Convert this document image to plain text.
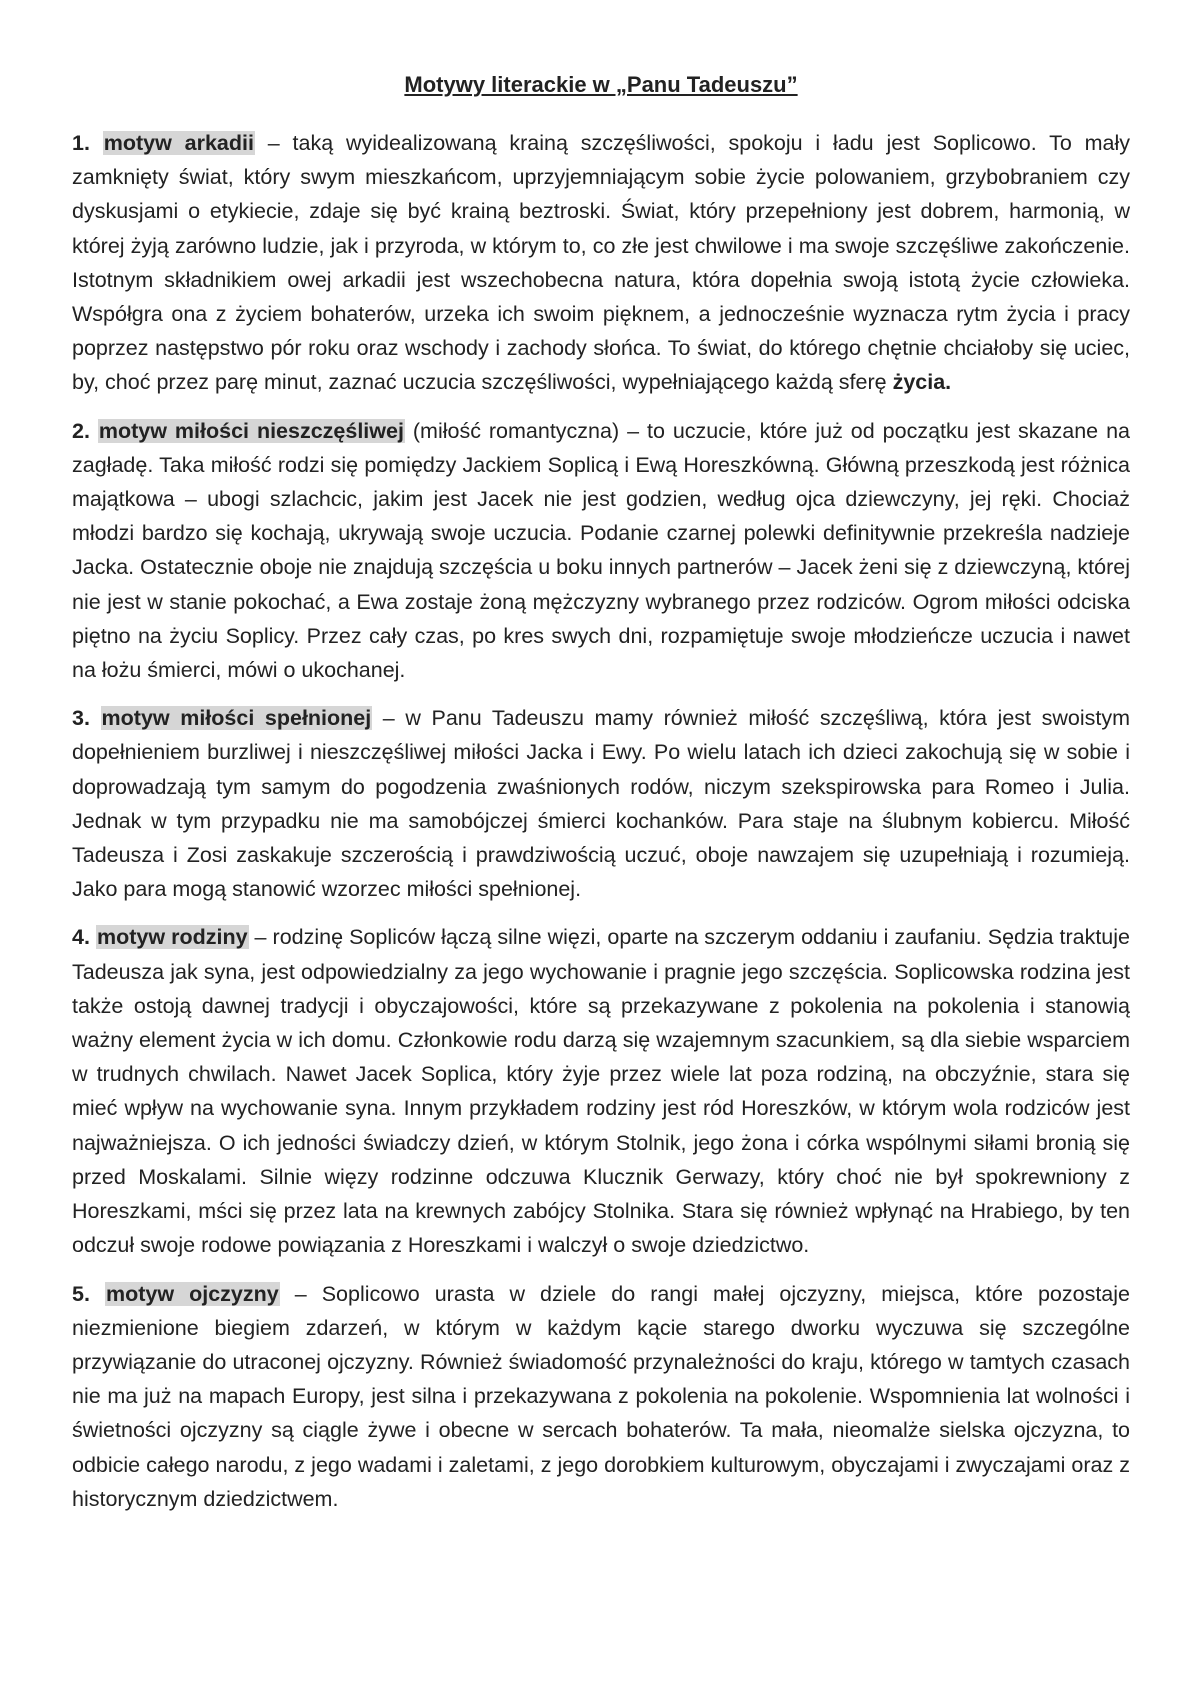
Motywy literackie w „Panu Tadeuszu”

1. motyw arkadii – taką wyidealizowaną krainą szczęśliwości, spokoju i ładu jest Soplicowo. To mały zamknięty świat, który swym mieszkańcom, uprzyjemniającym sobie życie polowaniem, grzybobraniem czy dyskusjami o etykiecie, zdaje się być krainą beztroski. Świat, który przepełniony jest dobrem, harmonią, w której żyją zarówno ludzie, jak i przyroda, w którym to, co złe jest chwilowe i ma swoje szczęśliwe zakończenie. Istotnym składnikiem owej arkadii jest wszechobecna natura, która dopełnia swoją istotą życie człowieka. Współgra ona z życiem bohaterów, urzeka ich swoim pięknem, a jednocześnie wyznacza rytm życia i pracy poprzez następstwo pór roku oraz wschody i zachody słońca. To świat, do którego chętnie chciałoby się uciec, by, choć przez parę minut, zaznać uczucia szczęśliwości, wypełniającego każdą sferę życia.

2. motyw miłości nieszczęśliwej (miłość romantyczna) – to uczucie, które już od początku jest skazane na zagładę. Taka miłość rodzi się pomiędzy Jackiem Soplicą i Ewą Horeszkówną. Główną przeszkodą jest różnica majątkowa – ubogi szlachcic, jakim jest Jacek nie jest godzien, według ojca dziewczyny, jej ręki. Chociaż młodzi bardzo się kochają, ukrywają swoje uczucia. Podanie czarnej polewki definitywnie przekreśla nadzieje Jacka. Ostatecznie oboje nie znajdują szczęścia u boku innych partnerów – Jacek żeni się z dziewczyną, której nie jest w stanie pokochać, a Ewa zostaje żoną mężczyzny wybranego przez rodziców. Ogrom miłości odciska piętno na życiu Soplicy. Przez cały czas, po kres swych dni, rozpamiętuje swoje młodzieńcze uczucia i nawet na łożu śmierci, mówi o ukochanej.

3. motyw miłości spełnionej – w Panu Tadeuszu mamy również miłość szczęśliwą, która jest swoistym dopełnieniem burzliwej i nieszczęśliwej miłości Jacka i Ewy. Po wielu latach ich dzieci zakochują się w sobie i doprowadzają tym samym do pogodzenia zwaśnionych rodów, niczym szekspirowska para Romeo i Julia. Jednak w tym przypadku nie ma samobójczej śmierci kochanków. Para staje na ślubnym kobiercu. Miłość Tadeusza i Zosi zaskakuje szczerością i prawdziwością uczuć, oboje nawzajem się uzupełniają i rozumieją. Jako para mogą stanowić wzorzec miłości spełnionej.

4. motyw rodziny – rodzinę Sopliców łączą silne więzi, oparte na szczerym oddaniu i zaufaniu. Sędzia traktuje Tadeusza jak syna, jest odpowiedzialny za jego wychowanie i pragnie jego szczęścia. Soplicowska rodzina jest także ostoją dawnej tradycji i obyczajowości, które są przekazywane z pokolenia na pokolenia i stanowią ważny element życia w ich domu. Członkowie rodu darzą się wzajemnym szacunkiem, są dla siebie wsparciem w trudnych chwilach. Nawet Jacek Soplica, który żyje przez wiele lat poza rodziną, na obczyźnie, stara się mieć wpływ na wychowanie syna. Innym przykładem rodziny jest ród Horeszków, w którym wola rodziców jest najważniejsza. O ich jedności świadczy dzień, w którym Stolnik, jego żona i córka wspólnymi siłami bronią się przed Moskalami. Silnie więzy rodzinne odczuwa Klucznik Gerwazy, który choć nie był spokrewniony z Horeszkami, mści się przez lata na krewnych zabójcy Stolnika. Stara się również wpłynąć na Hrabiego, by ten odczuł swoje rodowe powiązania z Horeszkami i walczył o swoje dziedzictwo.

5. motyw ojczyzny – Soplicowo urasta w dziele do rangi małej ojczyzny, miejsca, które pozostaje niezmienione biegiem zdarzeń, w którym w każdym kącie starego dworku wyczuwa się szczególne przywiązanie do utraconej ojczyzny. Również świadomość przynależności do kraju, którego w tamtych czasach nie ma już na mapach Europy, jest silna i przekazywana z pokolenia na pokolenie. Wspomnienia lat wolności i świetności ojczyzny są ciągle żywe i obecne w sercach bohaterów. Ta mała, nieomalże sielska ojczyzna, to odbicie całego narodu, z jego wadami i zaletami, z jego dorobkiem kulturowym, obyczajami i zwyczajami oraz z historycznym dziedzictwem.
